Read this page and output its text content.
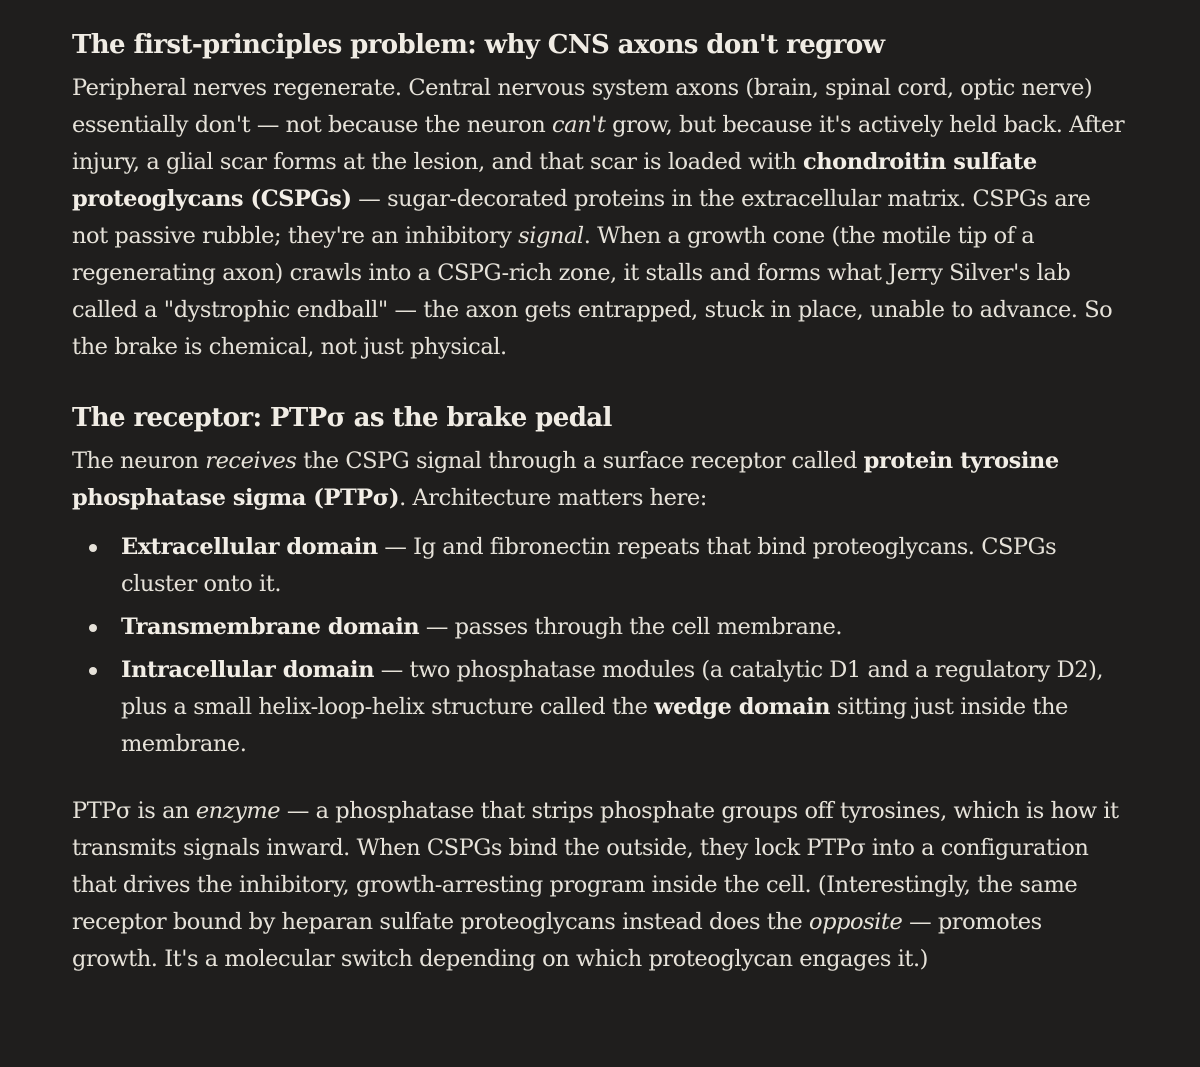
The first-principles problem: why CNS axons don't regrow

Peripheral nerves regenerate. Central nervous system axons (brain, spinal cord, optic nerve) essentially don't — not because the neuron can't grow, but because it's actively held back. After injury, a glial scar forms at the lesion, and that scar is loaded with chondroitin sulfate proteoglycans (CSPGs) — sugar-decorated proteins in the extracellular matrix. CSPGs are not passive rubble; they're an inhibitory signal. When a growth cone (the motile tip of a regenerating axon) crawls into a CSPG-rich zone, it stalls and forms what Jerry Silver's lab called a "dystrophic endball" — the axon gets entrapped, stuck in place, unable to advance. So the brake is chemical, not just physical.

The receptor: PTPσ as the brake pedal

The neuron receives the CSPG signal through a surface receptor called protein tyrosine phosphatase sigma (PTPσ). Architecture matters here:

Extracellular domain — Ig and fibronectin repeats that bind proteoglycans. CSPGs cluster onto it.
Transmembrane domain — passes through the cell membrane.
Intracellular domain — two phosphatase modules (a catalytic D1 and a regulatory D2), plus a small helix-loop-helix structure called the wedge domain sitting just inside the membrane.

PTPσ is an enzyme — a phosphatase that strips phosphate groups off tyrosines, which is how it transmits signals inward. When CSPGs bind the outside, they lock PTPσ into a configuration that drives the inhibitory, growth-arresting program inside the cell. (Interestingly, the same receptor bound by heparan sulfate proteoglycans instead does the opposite — promotes growth. It's a molecular switch depending on which proteoglycan engages it.)
